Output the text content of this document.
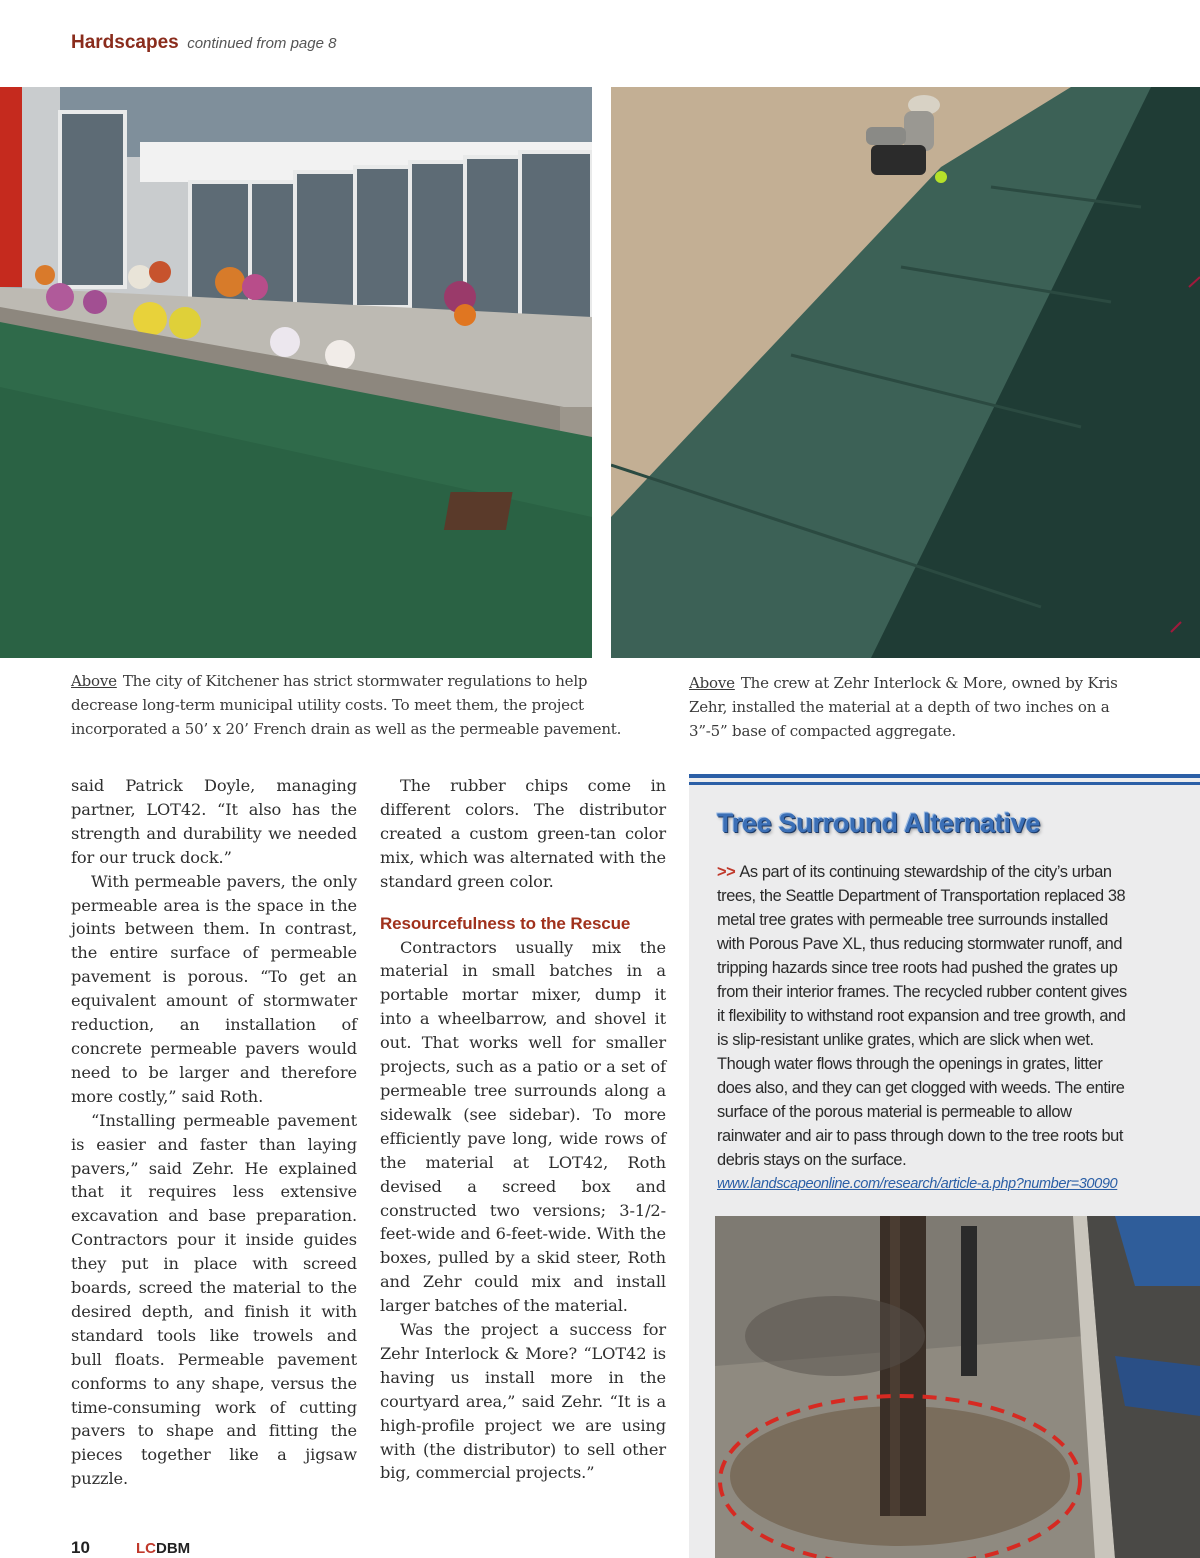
Hardscapes continued from page 8
Above The city of Kitchener has strict stormwater regulations to help decrease long-term municipal utility costs. To meet them, the project incorporated a 50’ x 20’ French drain as well as the permeable pavement.
Above The crew at Zehr Interlock & More, owned by Kris Zehr, installed the material at a depth of two inches on a 3”-5” base of compacted aggregate.

said Patrick Doyle, managing partner, LOT42. “It also has the strength and durability we needed for our truck dock.”

With permeable pavers, the only permeable area is the space in the joints between them. In contrast, the entire surface of permeable pavement is porous. “To get an equivalent amount of stormwater reduction, an installation of concrete permeable pavers would need to be larger and therefore more costly,” said Roth.

“Installing permeable pavement is easier and faster than laying pavers,” said Zehr. He explained that it requires less extensive excavation and base preparation. Contractors pour it inside guides they put in place with screed boards, screed the material to the desired depth, and finish it with standard tools like trowels and bull floats. Permeable pavement conforms to any shape, versus the time-consuming work of cutting pavers to shape and fitting the pieces together like a jigsaw puzzle.

The rubber chips come in different colors. The distributor created a custom green-tan color mix, which was alternated with the standard green color.

Resourcefulness to the Rescue

Contractors usually mix the material in small batches in a portable mortar mixer, dump it into a wheelbarrow, and shovel it out. That works well for smaller projects, such as a patio or a set of permeable tree surrounds along a sidewalk (see sidebar). To more efficiently pave long, wide rows of the material at LOT42, Roth devised a screed box and constructed two versions; 3-1/2-feet-wide and 6-feet-wide. With the boxes, pulled by a skid steer, Roth and Zehr could mix and install larger batches of the material.

Was the project a success for Zehr Interlock & More? “LOT42 is having us install more in the courtyard area,” said Zehr. “It is a high-profile project we are using with (the distributor) to sell other big, commercial projects.”

Tree Surround Alternative
>> As part of its continuing stewardship of the city’s urban trees, the Seattle Department of Transportation replaced 38 metal tree grates with permeable tree surrounds installed with Porous Pave XL, thus reducing stormwater runoff, and tripping hazards since tree roots had pushed the grates up from their interior frames. The recycled rubber content gives it flexibility to withstand root expansion and tree growth, and is slip-resistant unlike grates, which are slick when wet. Though water flows through the openings in grates, litter does also, and they can get clogged with weeds. The entire surface of the porous material is permeable to allow rainwater and air to pass through down to the tree roots but debris stays on the surface.
www.landscapeonline.com/research/article-a.php?number=30090
10	LCDBM
